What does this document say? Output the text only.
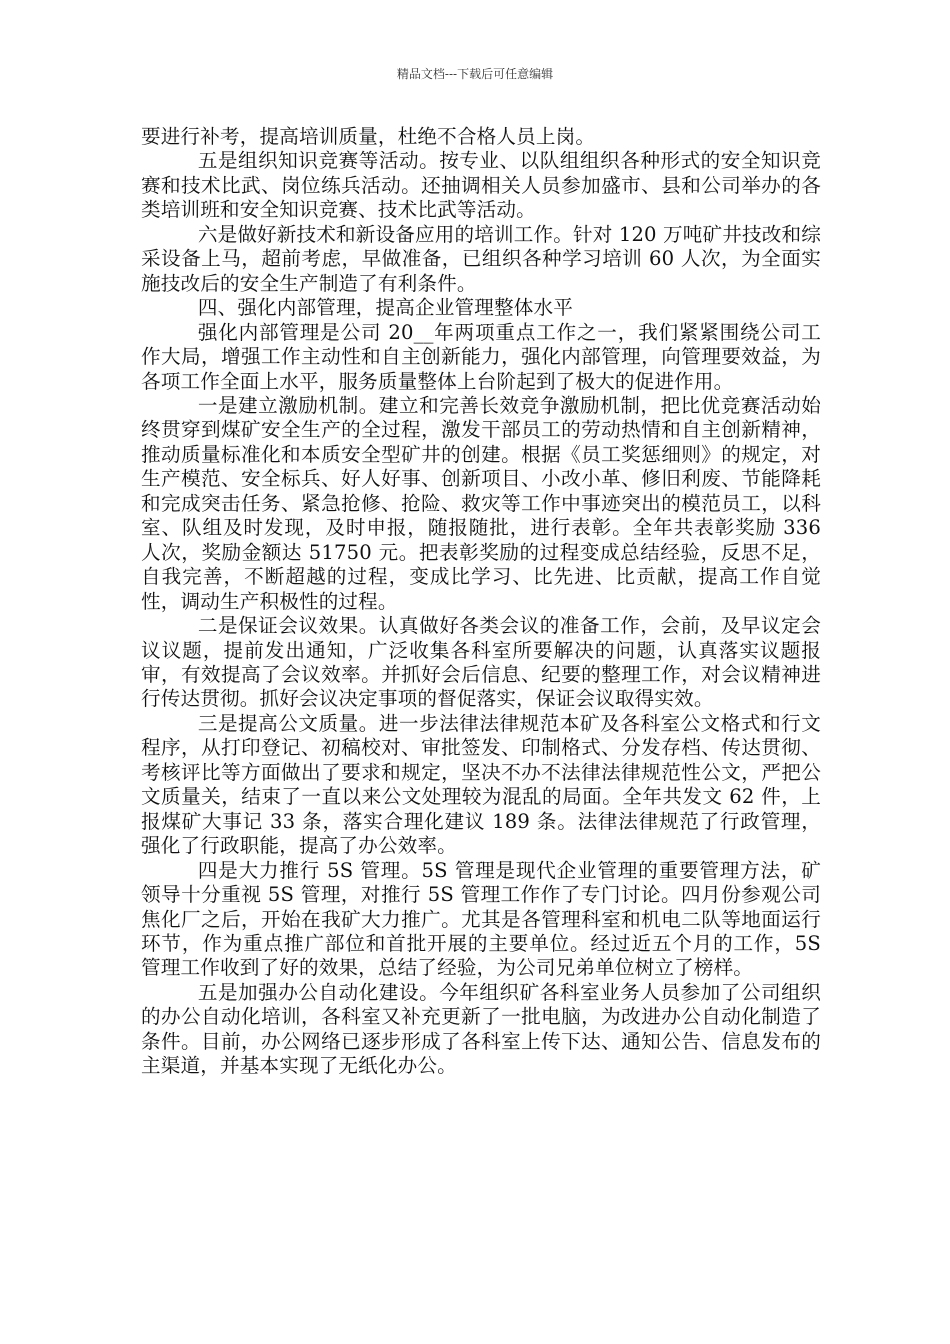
精品文档---下载后可任意编辑

要进行补考，提高培训质量，杜绝不合格人员上岗。

五是组织知识竞赛等活动。按专业、以队组组织各种形式的安全知识竞赛和技术比武、岗位练兵活动。还抽调相关人员参加盛市、县和公司举办的各类培训班和安全知识竞赛、技术比武等活动。

六是做好新技术和新设备应用的培训工作。针对 120 万吨矿井技改和综采设备上马，超前考虑，早做准备，已组织各种学习培训 60 人次，为全面实施技改后的安全生产制造了有利条件。

四、强化内部管理，提高企业管理整体水平

强化内部管理是公司 20__年两项重点工作之一，我们紧紧围绕公司工作大局，增强工作主动性和自主创新能力，强化内部管理，向管理要效益，为各项工作全面上水平，服务质量整体上台阶起到了极大的促进作用。

一是建立激励机制。建立和完善长效竞争激励机制，把比优竞赛活动始终贯穿到煤矿安全生产的全过程，激发干部员工的劳动热情和自主创新精神，推动质量标准化和本质安全型矿井的创建。根据《员工奖惩细则》的规定，对生产模范、安全标兵、好人好事、创新项目、小改小革、修旧利废、节能降耗和完成突击任务、紧急抢修、抢险、救灾等工作中事迹突出的模范员工，以科室、队组及时发现，及时申报，随报随批，进行表彰。全年共表彰奖励 336 人次，奖励金额达 51750 元。把表彰奖励的过程变成总结经验，反思不足，自我完善，不断超越的过程，变成比学习、比先进、比贡献，提高工作自觉性，调动生产积极性的过程。

二是保证会议效果。认真做好各类会议的准备工作，会前，及早议定会议议题，提前发出通知，广泛收集各科室所要解决的问题，认真落实议题报审，有效提高了会议效率。并抓好会后信息、纪要的整理工作，对会议精神进行传达贯彻。抓好会议决定事项的督促落实，保证会议取得实效。

三是提高公文质量。进一步法律法律规范本矿及各科室公文格式和行文程序，从打印登记、初稿校对、审批签发、印制格式、分发存档、传达贯彻、考核评比等方面做出了要求和规定，坚决不办不法律法律规范性公文，严把公文质量关，结束了一直以来公文处理较为混乱的局面。全年共发文 62 件，上报煤矿大事记 33 条，落实合理化建议 189 条。法律法律规范了行政管理，强化了行政职能，提高了办公效率。

四是大力推行 5S 管理。5S 管理是现代企业管理的重要管理方法，矿领导十分重视 5S 管理，对推行 5S 管理工作作了专门讨论。四月份参观公司焦化厂之后，开始在我矿大力推广。尤其是各管理科室和机电二队等地面运行环节，作为重点推广部位和首批开展的主要单位。经过近五个月的工作，5S 管理工作收到了好的效果，总结了经验，为公司兄弟单位树立了榜样。

五是加强办公自动化建设。今年组织矿各科室业务人员参加了公司组织的办公自动化培训，各科室又补充更新了一批电脑，为改进办公自动化制造了条件。目前，办公网络已逐步形成了各科室上传下达、通知公告、信息发布的主渠道，并基本实现了无纸化办公。
